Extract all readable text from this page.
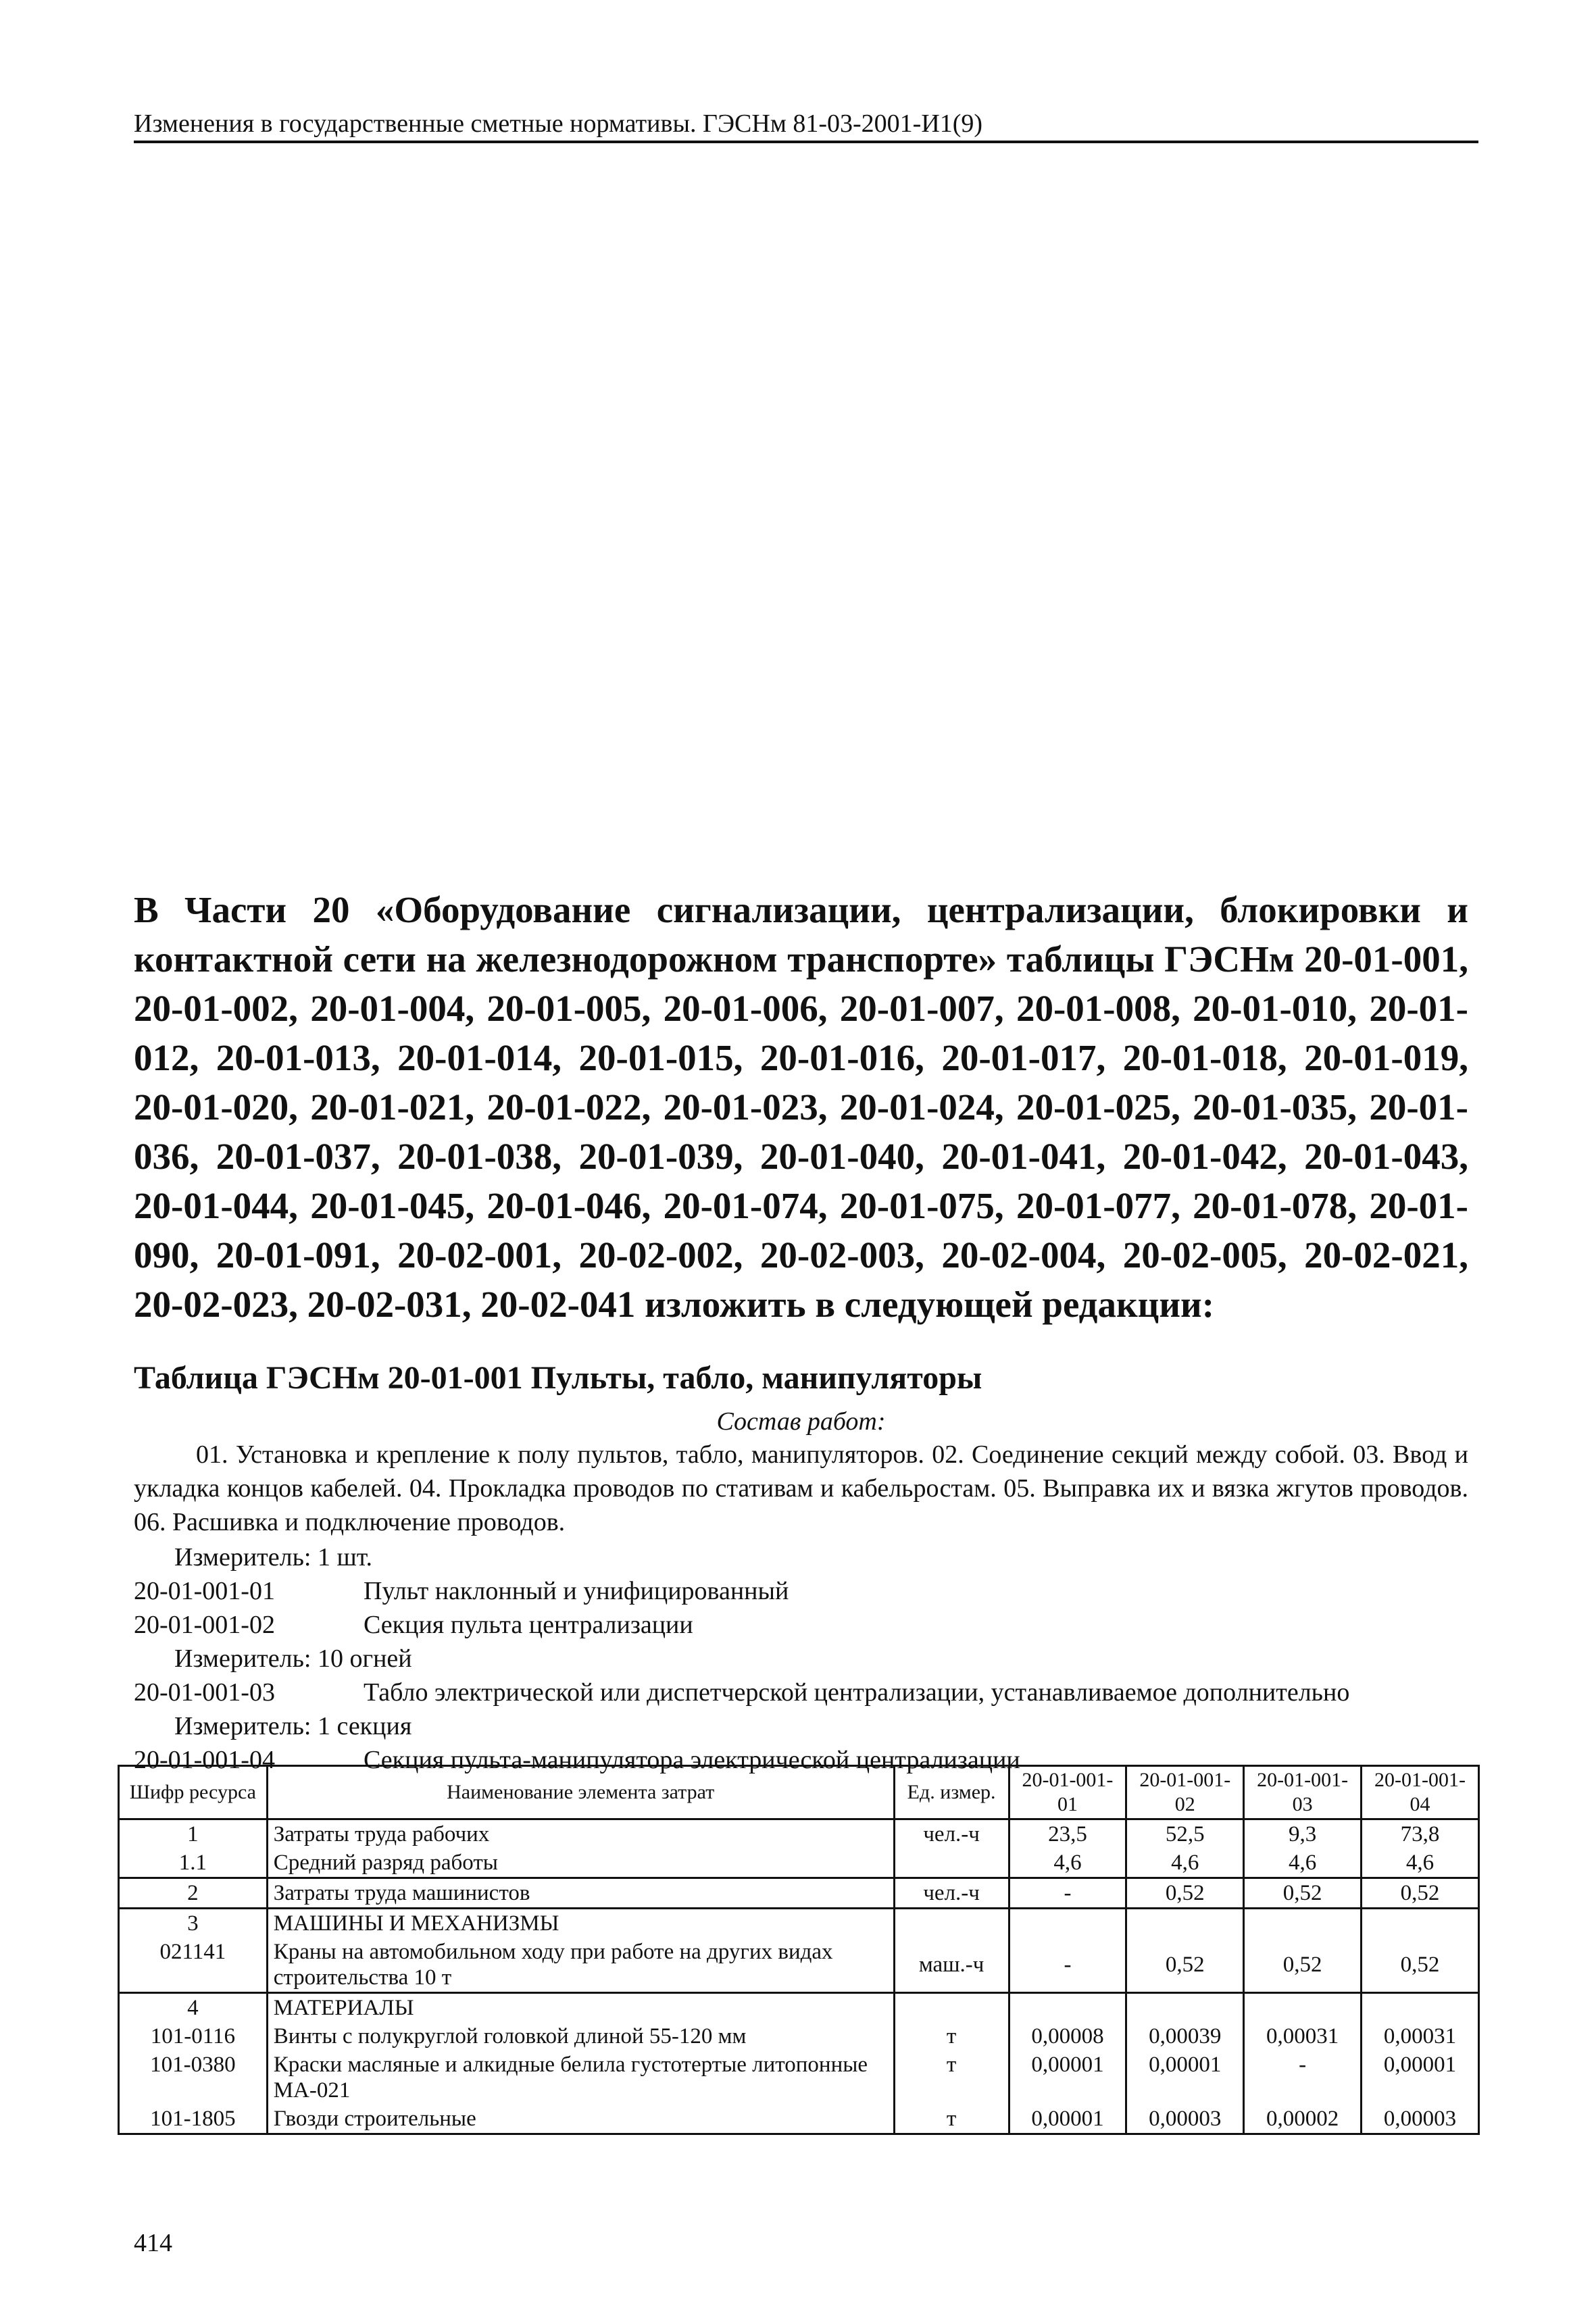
Изменения в государственные сметные нормативы. ГЭСНм 81-03-2001-И1(9)

В Части 20 «Оборудование сигнализации, централизации, блокировки и контактной сети на железнодорожном транспорте» таблицы ГЭСНм 20-01-001, 20-01-002, 20-01-004, 20-01-005, 20-01-006, 20-01-007, 20-01-008, 20-01-010, 20-01-012, 20-01-013, 20-01-014, 20-01-015, 20-01-016, 20-01-017, 20-01-018, 20-01-019, 20-01-020, 20-01-021, 20-01-022, 20-01-023, 20-01-024, 20-01-025, 20-01-035, 20-01-036, 20-01-037, 20-01-038, 20-01-039, 20-01-040, 20-01-041, 20-01-042, 20-01-043, 20-01-044, 20-01-045, 20-01-046, 20-01-074, 20-01-075, 20-01-077, 20-01-078, 20-01-090, 20-01-091, 20-02-001, 20-02-002, 20-02-003, 20-02-004, 20-02-005, 20-02-021, 20-02-023, 20-02-031, 20-02-041 изложить в следующей редакции:

Таблица ГЭСНм 20-01-001 Пульты, табло, манипуляторы
Состав работ:

01. Установка и крепление к полу пультов, табло, манипуляторов. 02. Соединение секций между собой. 03. Ввод и укладка концов кабелей. 04. Прокладка проводов по стативам и кабельростам. 05. Выправка их и вязка жгутов проводов. 06. Расшивка и подключение проводов.

Измеритель: 1 шт.
20-01-001-01	Пульт наклонный и унифицированный
20-01-001-02	Секция пульта централизации
Измеритель: 10 огней
20-01-001-03	Табло электрической или диспетчерской централизации, устанавливаемое дополнительно
Измеритель: 1 секция
20-01-001-04	Секция пульта-манипулятора электрической централизации
Шифр ресурса	Наименование элемента затрат	Ед. измер.	20-01-001-01	20-01-001-02	20-01-001-03	20-01-001-04
1	Затраты труда рабочих	чел.-ч	23,5	52,5	9,3	73,8
1.1	Средний разряд работы		4,6	4,6	4,6	4,6
2	Затраты труда машинистов	чел.-ч	-	0,52	0,52	0,52
3	МАШИНЫ И МЕХАНИЗМЫ					
021141	Краны на автомобильном ходу при работе на других видах строительства 10 т	маш.-ч	-	0,52	0,52	0,52
4	МАТЕРИАЛЫ					
101-0116	Винты с полукруглой головкой длиной 55-120 мм	т	0,00008	0,00039	0,00031	0,00031
101-0380	Краски масляные и алкидные белила густотертые литопонные МА-021	т	0,00001	0,00001	-	0,00001
101-1805	Гвозди строительные	т	0,00001	0,00003	0,00002	0,00003
414
